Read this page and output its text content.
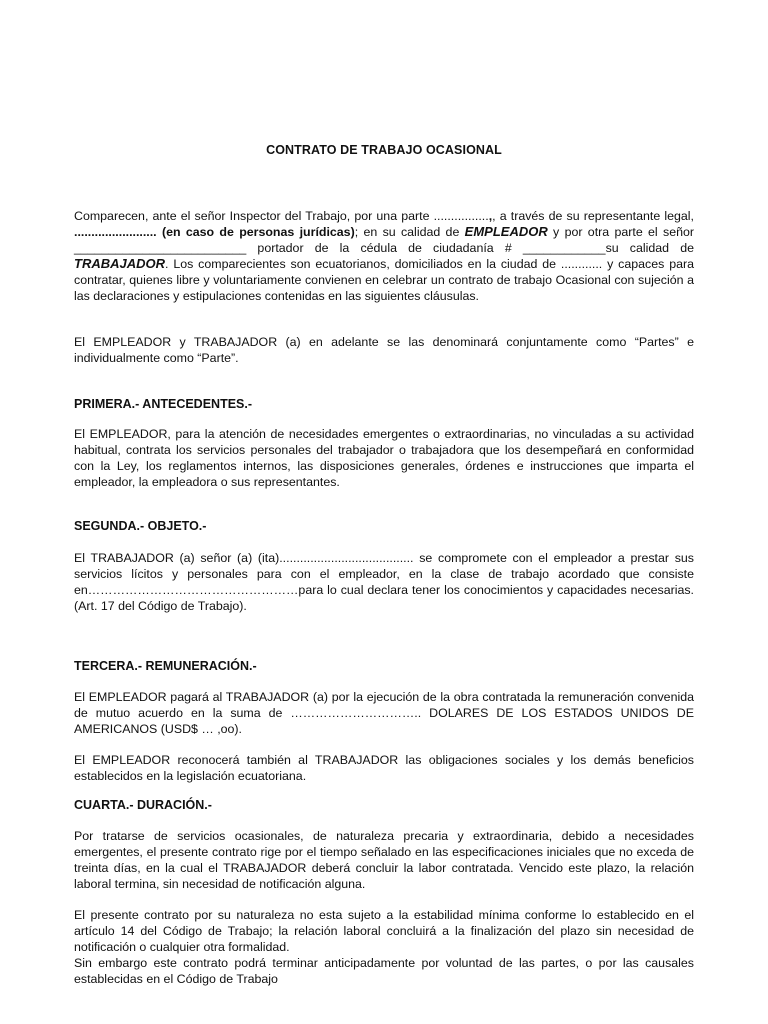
CONTRATO DE TRABAJO OCASIONAL
Comparecen, ante el señor Inspector del Trabajo, por una parte ................,, a través de su representante legal, ........................ (en caso de personas jurídicas); en su calidad de EMPLEADOR y por otra parte el señor _________________________ portador de la cédula de ciudadanía # ____________su calidad de TRABAJADOR. Los comparecientes son ecuatorianos, domiciliados en la ciudad de ............ y capaces para contratar, quienes libre y voluntariamente convienen en celebrar un contrato de trabajo Ocasional con sujeción a las declaraciones y estipulaciones contenidas en las siguientes cláusulas.
El EMPLEADOR y TRABAJADOR (a) en adelante se las denominará conjuntamente como “Partes” e individualmente como “Parte”.
PRIMERA.- ANTECEDENTES.-
El EMPLEADOR, para la atención de necesidades emergentes o extraordinarias, no vinculadas a su actividad habitual, contrata los servicios personales del trabajador o trabajadora que los desempeñará en conformidad con la Ley, los reglamentos internos, las disposiciones generales, órdenes e instrucciones que imparta el empleador, la empleadora o sus representantes.
SEGUNDA.- OBJETO.-
El TRABAJADOR (a) señor (a) (ita)....................................... se compromete con el empleador a prestar sus servicios lícitos y personales para con el empleador, en la clase de trabajo acordado que consiste en……………………………………………para lo cual declara tener los conocimientos y capacidades necesarias. (Art. 17 del Código de Trabajo).
TERCERA.- REMUNERACIÓN.-
El EMPLEADOR pagará al TRABAJADOR (a) por la ejecución de la obra contratada la remuneración convenida de mutuo acuerdo en la suma de ………………………….. DOLARES DE LOS ESTADOS UNIDOS DE AMERICANOS (USD$ … ,oo).
El EMPLEADOR reconocerá también al TRABAJADOR las obligaciones sociales y los demás beneficios establecidos en la legislación ecuatoriana.
CUARTA.- DURACIÓN.-
Por tratarse de servicios ocasionales, de naturaleza precaria y extraordinaria, debido a necesidades emergentes, el presente contrato rige por el tiempo señalado en las especificaciones iniciales que no exceda de treinta días, en la cual el TRABAJADOR deberá concluir la labor contratada. Vencido este plazo, la relación laboral termina, sin necesidad de notificación alguna.
El presente contrato por su naturaleza no esta sujeto a la estabilidad mínima conforme lo establecido en el artículo 14 del Código de Trabajo; la relación laboral concluirá a la finalización del plazo sin necesidad de notificación o cualquier otra formalidad.
Sin embargo este contrato podrá terminar anticipadamente por voluntad de las partes, o por las causales establecidas en el Código de Trabajo
